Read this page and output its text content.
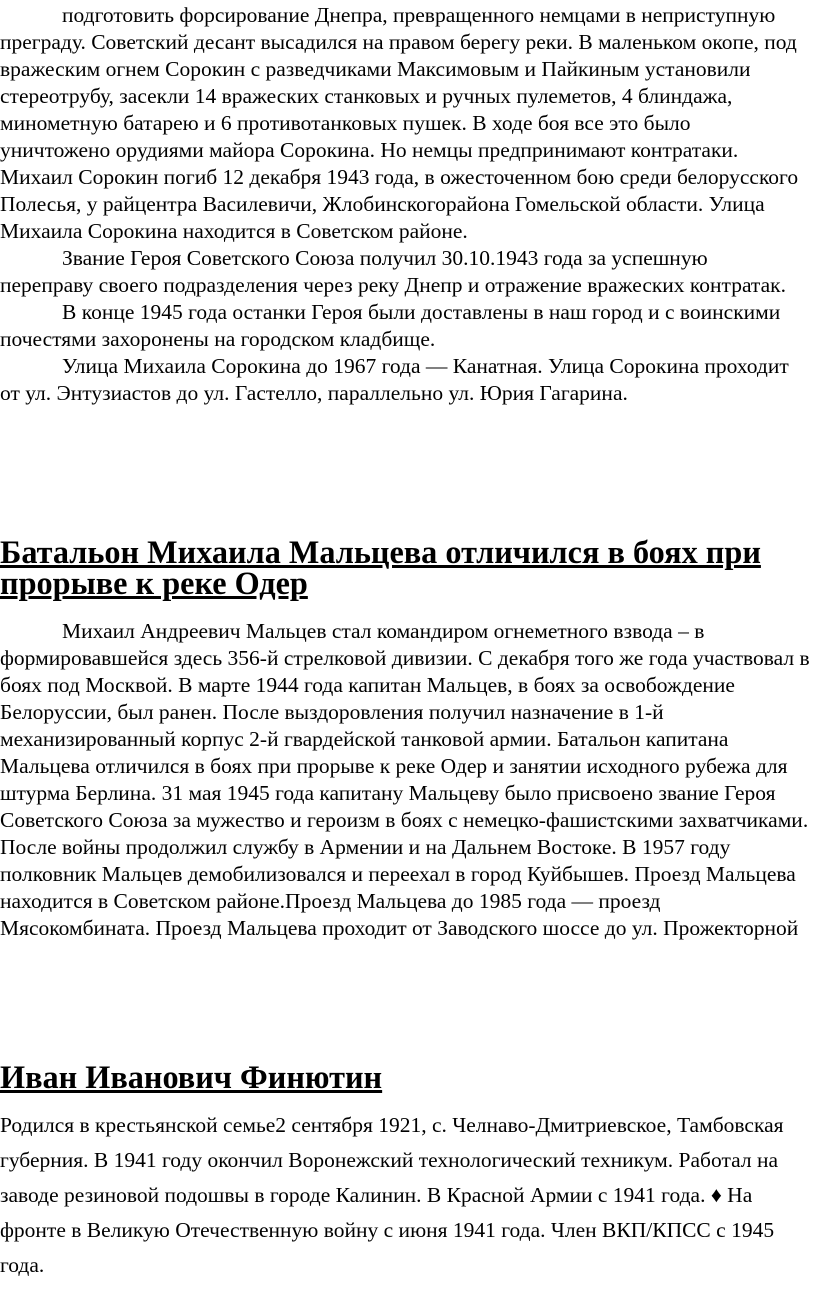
подготовить форсирование Днепра, превращенного немцами в неприступную преграду. Советский десант высадился на правом берегу реки. В маленьком окопе, под вражеским огнем Сорокин с разведчиками Максимовым и Пайкиным установили стереотрубу, засекли 14 вражеских станковых и ручных пулеметов, 4 блиндажа, минометную батарею и 6 противотанковых пушек. В ходе боя все это было уничтожено орудиями майора Сорокина. Но немцы предпринимают контратаки. Михаил Сорокин погиб 12 декабря 1943 года, в ожесточенном бою среди белорусского Полесья, у райцентра Василевичи, Жлобинскогорайона Гомельской области. Улица Михаила Сорокина находится в Советском районе.

Звание Героя Советского Союза получил 30.10.1943 года за успешную переправу своего подразделения через реку Днепр и отражение вражеских контратак.

В конце 1945 года останки Героя были доставлены в наш город и с воинскими почестями захоронены на городском кладбище.

Улица Михаила Сорокина до 1967 года — Канатная. Улица Сорокина проходит от ул. Энтузиастов до ул. Гастелло, параллельно ул. Юрия Гагарина.

Батальон Михаила Мальцева отличился в боях при прорыве к реке Одер

Михаил Андреевич Мальцев стал командиром огнеметного взвода – в формировавшейся здесь 356-й стрелковой дивизии. С декабря того же года участвовал в боях под Москвой. В марте 1944 года капитан Мальцев, в боях за освобождение Белоруссии, был ранен. После выздоровления получил назначение в 1-й механизированный корпус 2-й гвардейской танковой армии. Батальон капитана Мальцева отличился в боях при прорыве к реке Одер и занятии исходного рубежа для штурма Берлина. 31 мая 1945 года капитану Мальцеву было присвоено звание Героя Советского Союза за мужество и героизм в боях с немецко-фашистскими захватчиками. После войны продолжил службу в Армении и на Дальнем Востоке. В 1957 году полковник Мальцев демобилизовался и переехал в город Куйбышев. Проезд Мальцева находится в Советском районе.Проезд Мальцева до 1985 года — проезд Мясокомбината. Проезд Мальцева проходит от Заводского шоссе до ул. Прожекторной

Иван Иванович Финютин

Родился в крестьянской семье2 сентября 1921, с. Челнаво-Дмитриевское, Тамбовская губерния. В 1941 году окончил Воронежский технологический техникум. Работал на заводе резиновой подошвы в городе Калинин. В Красной Армии с 1941 года. ♦ На фронте в Великую Отечественную войну с июня 1941 года. Член ВКП/КПСС с 1945 года.
